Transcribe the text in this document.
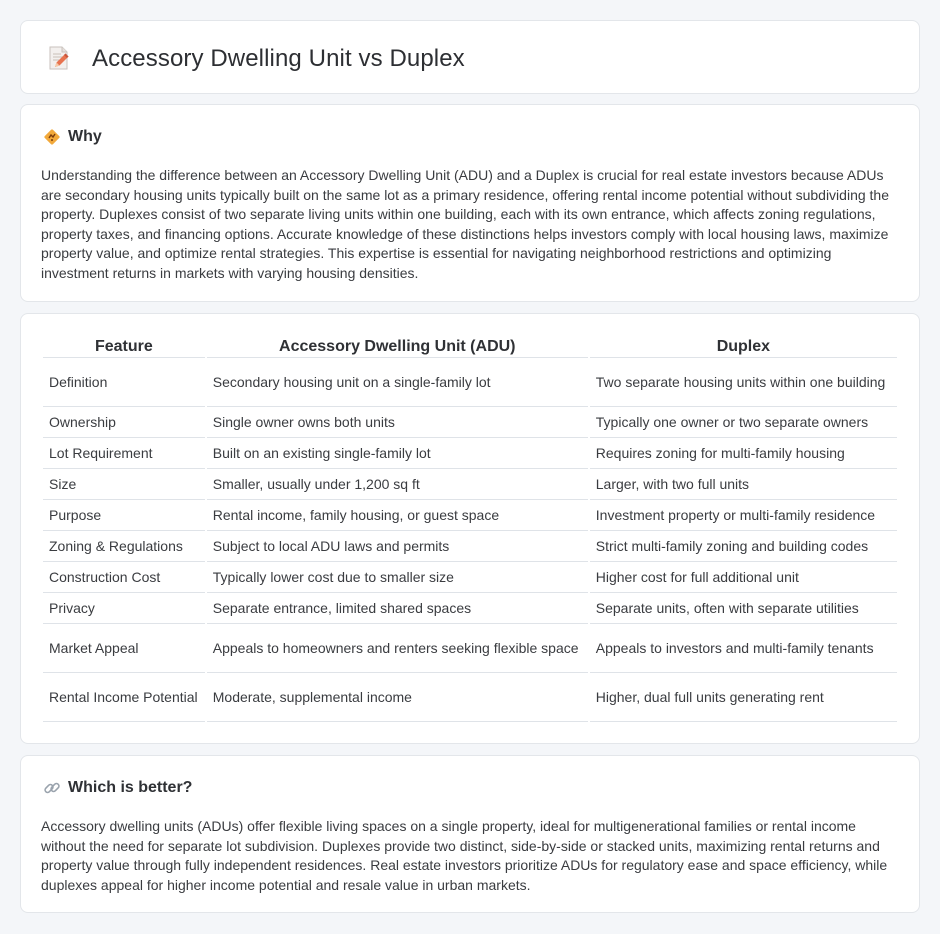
Accessory Dwelling Unit vs Duplex
Why

Understanding the difference between an Accessory Dwelling Unit (ADU) and a Duplex is crucial for real estate investors because ADUs are secondary housing units typically built on the same lot as a primary residence, offering rental income potential without subdividing the property. Duplexes consist of two separate living units within one building, each with its own entrance, which affects zoning regulations, property taxes, and financing options. Accurate knowledge of these distinctions helps investors comply with local housing laws, maximize property value, and optimize rental strategies. This expertise is essential for navigating neighborhood restrictions and optimizing investment returns in markets with varying housing densities.

Feature	Accessory Dwelling Unit (ADU)	Duplex
Definition	Secondary housing unit on a single-family lot	Two separate housing units within one building
Ownership	Single owner owns both units	Typically one owner or two separate owners
Lot Requirement	Built on an existing single-family lot	Requires zoning for multi-family housing
Size	Smaller, usually under 1,200 sq ft	Larger, with two full units
Purpose	Rental income, family housing, or guest space	Investment property or multi-family residence
Zoning & Regulations	Subject to local ADU laws and permits	Strict multi-family zoning and building codes
Construction Cost	Typically lower cost due to smaller size	Higher cost for full additional unit
Privacy	Separate entrance, limited shared spaces	Separate units, often with separate utilities
Market Appeal	Appeals to homeowners and renters seeking flexible space	Appeals to investors and multi-family tenants
Rental Income Potential	Moderate, supplemental income	Higher, dual full units generating rent
Which is better?

Accessory dwelling units (ADUs) offer flexible living spaces on a single property, ideal for multigenerational families or rental income without the need for separate lot subdivision. Duplexes provide two distinct, side-by-side or stacked units, maximizing rental returns and property value through fully independent residences. Real estate investors prioritize ADUs for regulatory ease and space efficiency, while duplexes appeal for higher income potential and resale value in urban markets.
